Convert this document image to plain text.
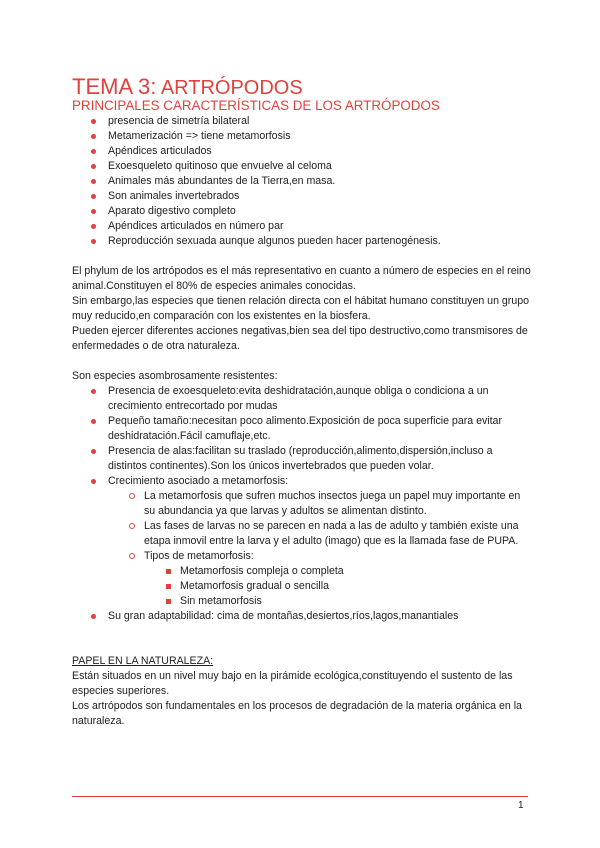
TEMA 3: ARTRÓPODOS
PRINCIPALES CARACTERÍSTICAS DE LOS ARTRÓPODOS
presencia de simetría bilateral
Metamerización => tiene metamorfosis
Apéndices articulados
Exoesqueleto quitinoso que envuelve al celoma
Animales más abundantes de la Tierra,en masa.
Son animales invertebrados
Aparato digestivo completo
Apéndices articulados en número par
Reproducción sexuada aunque algunos pueden hacer partenogénesis.

El phylum de los artrópodos es el más representativo en cuanto a número de especies en el reino animal.Constituyen el 80% de especies animales conocidas.

Sin embargo,las especies que tienen relación directa con el hábitat humano constituyen un grupo muy reducido,en comparación con los existentes en la biosfera.

Pueden ejercer diferentes acciones negativas,bien sea del tipo destructivo,como transmisores de enfermedades o de otra naturaleza.

Son especies asombrosamente resistentes:

Presencia de exoesqueleto:evita deshidratación,aunque obliga o condiciona a un crecimiento entrecortado por mudas
Pequeño tamaño:necesitan poco alimento.Exposición de poca superficie para evitar deshidratación.Fácil camuflaje,etc.
Presencia de alas:facilitan su traslado (reproducción,alimento,dispersión,incluso a distintos continentes).Son los únicos invertebrados que pueden volar.
Crecimiento asociado a metamorfosis:
La metamorfosis que sufren muchos insectos juega un papel muy importante en su abundancia ya que larvas y adultos se alimentan distinto.
Las fases de larvas no se parecen en nada a las de adulto y también existe una etapa inmovil entre la larva y el adulto (imago) que es la llamada fase de PUPA.
Tipos de metamorfosis:
Metamorfosis compleja o completa
Metamorfosis gradual o sencilla
Sin metamorfosis
Su gran adaptabilidad: cima de montañas,desiertos,ríos,lagos,manantiales

PAPEL EN LA NATURALEZA:

Están situados en un nivel muy bajo en la pirámide ecológica,constituyendo el sustento de las especies superiores.

Los artrópodos son fundamentales en los procesos de degradación de la materia orgánica en la naturaleza.

1
